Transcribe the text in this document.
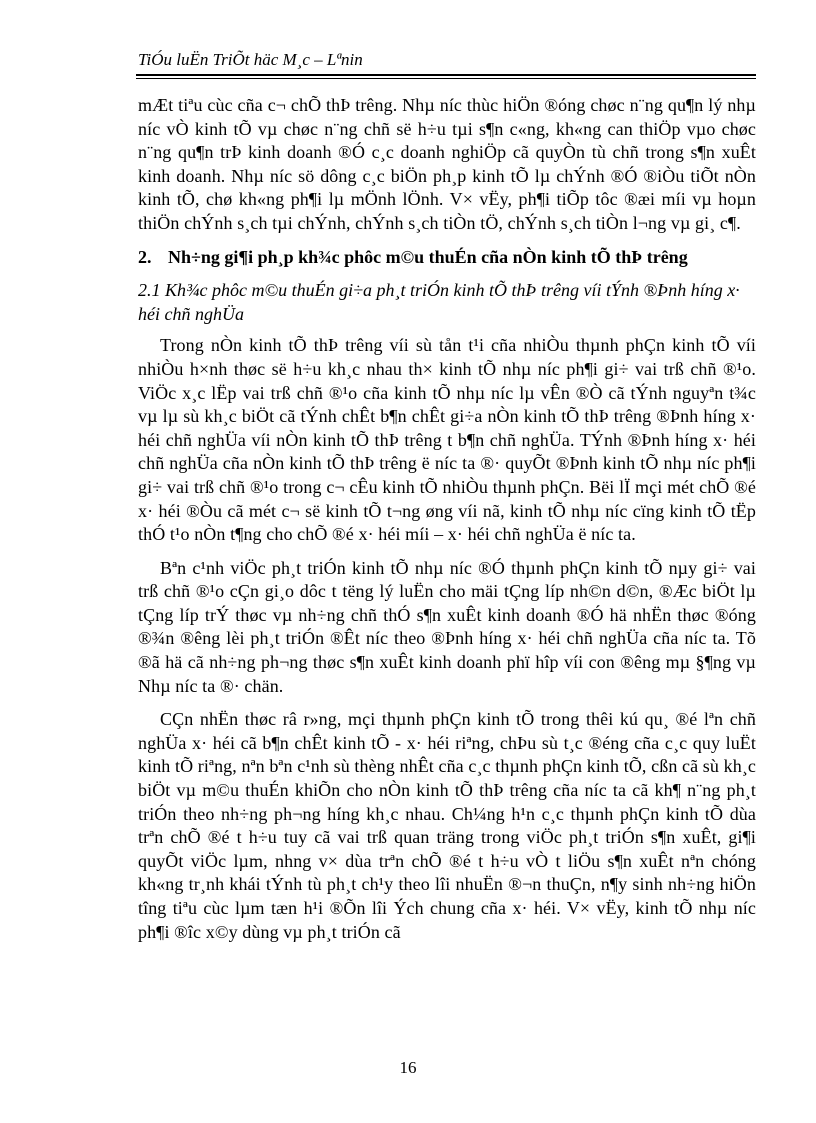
TiÓu luËn TriÕt häc M¸c – Lªnin

mÆt tiªu cùc cña c¬ chÕ thÞ trêng. Nhµ níc thùc hiÖn ®óng chøc n¨ng qu¶n lý nhµ níc vÒ kinh tÕ vµ chøc n¨ng chñ së h÷u tµi s¶n c«ng, kh«ng can thiÖp vµo chøc n¨ng qu¶n trÞ kinh doanh ®Ó c¸c doanh nghiÖp cã quyÒn tù chñ trong s¶n xuÊt kinh doanh. Nhµ níc sö dông c¸c biÖn ph¸p kinh tÕ lµ chÝnh ®Ó ®iÒu tiÕt nÒn kinh tÕ, chø kh«ng ph¶i lµ mÖnh lÖnh. V× vËy, ph¶i tiÕp tôc ®æi míi vµ hoµn thiÖn chÝnh s¸ch tµi chÝnh, chÝnh s¸ch tiÒn tÖ, chÝnh s¸ch tiÒn l¬ng vµ gi¸ c¶.

2. Nh÷ng gi¶i ph¸p kh¾c phôc m©u thuÉn cña nÒn kinh tÕ thÞ trêng
2.1 Kh¾c phôc m©u thuÉn gi÷a ph¸t triÓn kinh tÕ thÞ trêng víi tÝnh ®Þnh híng x· héi chñ nghÜa

Trong nÒn kinh tÕ thÞ trêng víi sù tån t¹i cña nhiÒu thµnh phÇn kinh tÕ víi nhiÒu h×nh thøc së h÷u kh¸c nhau th× kinh tÕ nhµ níc ph¶i gi÷ vai trß chñ ®¹o. ViÖc x¸c lËp vai trß chñ ®¹o cña kinh tÕ nhµ níc lµ vÊn ®Ò cã tÝnh nguyªn t¾c vµ lµ sù kh¸c biÖt cã tÝnh chÊt b¶n chÊt gi÷a nÒn kinh tÕ thÞ trêng ®Þnh híng x· héi chñ nghÜa víi nÒn kinh tÕ thÞ trêng t b¶n chñ nghÜa. TÝnh ®Þnh híng x· héi chñ nghÜa cña nÒn kinh tÕ thÞ trêng ë níc ta ®· quyÕt ®Þnh kinh tÕ nhµ níc ph¶i gi÷ vai trß chñ ®¹o trong c¬ cÊu kinh tÕ nhiÒu thµnh phÇn. Bëi lÏ mçi mét chÕ ®é x· héi ®Òu cã mét c¬ së kinh tÕ t¬ng øng víi nã, kinh tÕ nhµ níc cïng kinh tÕ tËp thÓ t¹o nÒn t¶ng cho chÕ ®é x· héi míi – x· héi chñ nghÜa ë níc ta.

Bªn c¹nh viÖc ph¸t triÓn kinh tÕ nhµ níc ®Ó thµnh phÇn kinh tÕ nµy gi÷ vai trß chñ ®¹o cÇn gi¸o dôc t tëng lý luËn cho mäi tÇng líp nh©n d©n, ®Æc biÖt lµ tÇng líp trÝ thøc vµ nh÷ng chñ thÓ s¶n xuÊt kinh doanh ®Ó hä nhËn thøc ®óng ®¾n ®êng lèi ph¸t triÓn ®Êt níc theo ®Þnh híng x· héi chñ nghÜa cña níc ta. Tõ ®ã hä cã nh÷ng ph¬ng thøc s¶n xuÊt kinh doanh phï hîp víi con ®êng mµ §¶ng vµ Nhµ níc ta ®· chän.

CÇn nhËn thøc râ r»ng, mçi thµnh phÇn kinh tÕ trong thêi kú qu¸ ®é lªn chñ nghÜa x· héi cã b¶n chÊt kinh tÕ - x· héi riªng, chÞu sù t¸c ®éng cña c¸c quy luËt kinh tÕ riªng, nªn bªn c¹nh sù thèng nhÊt cña c¸c thµnh phÇn kinh tÕ, cßn cã sù kh¸c biÖt vµ m©u thuÉn khiÕn cho nÒn kinh tÕ thÞ trêng cña níc ta cã kh¶ n¨ng ph¸t triÓn theo nh÷ng ph¬ng híng kh¸c nhau. Ch¼ng h¹n c¸c thµnh phÇn kinh tÕ dùa trªn chÕ ®é t h÷u tuy cã vai trß quan träng trong viÖc ph¸t triÓn s¶n xuÊt, gi¶i quyÕt viÖc lµm, nhng v× dùa trªn chÕ ®é t h÷u vÒ t liÖu s¶n xuÊt nªn chóng kh«ng tr¸nh khái tÝnh tù ph¸t ch¹y theo lîi nhuËn ®¬n thuÇn, n¶y sinh nh÷ng hiÖn tîng tiªu cùc lµm tæn h¹i ®Õn lîi Ých chung cña x· héi. V× vËy, kinh tÕ nhµ níc ph¶i ®îc x©y dùng vµ ph¸t triÓn cã

16
